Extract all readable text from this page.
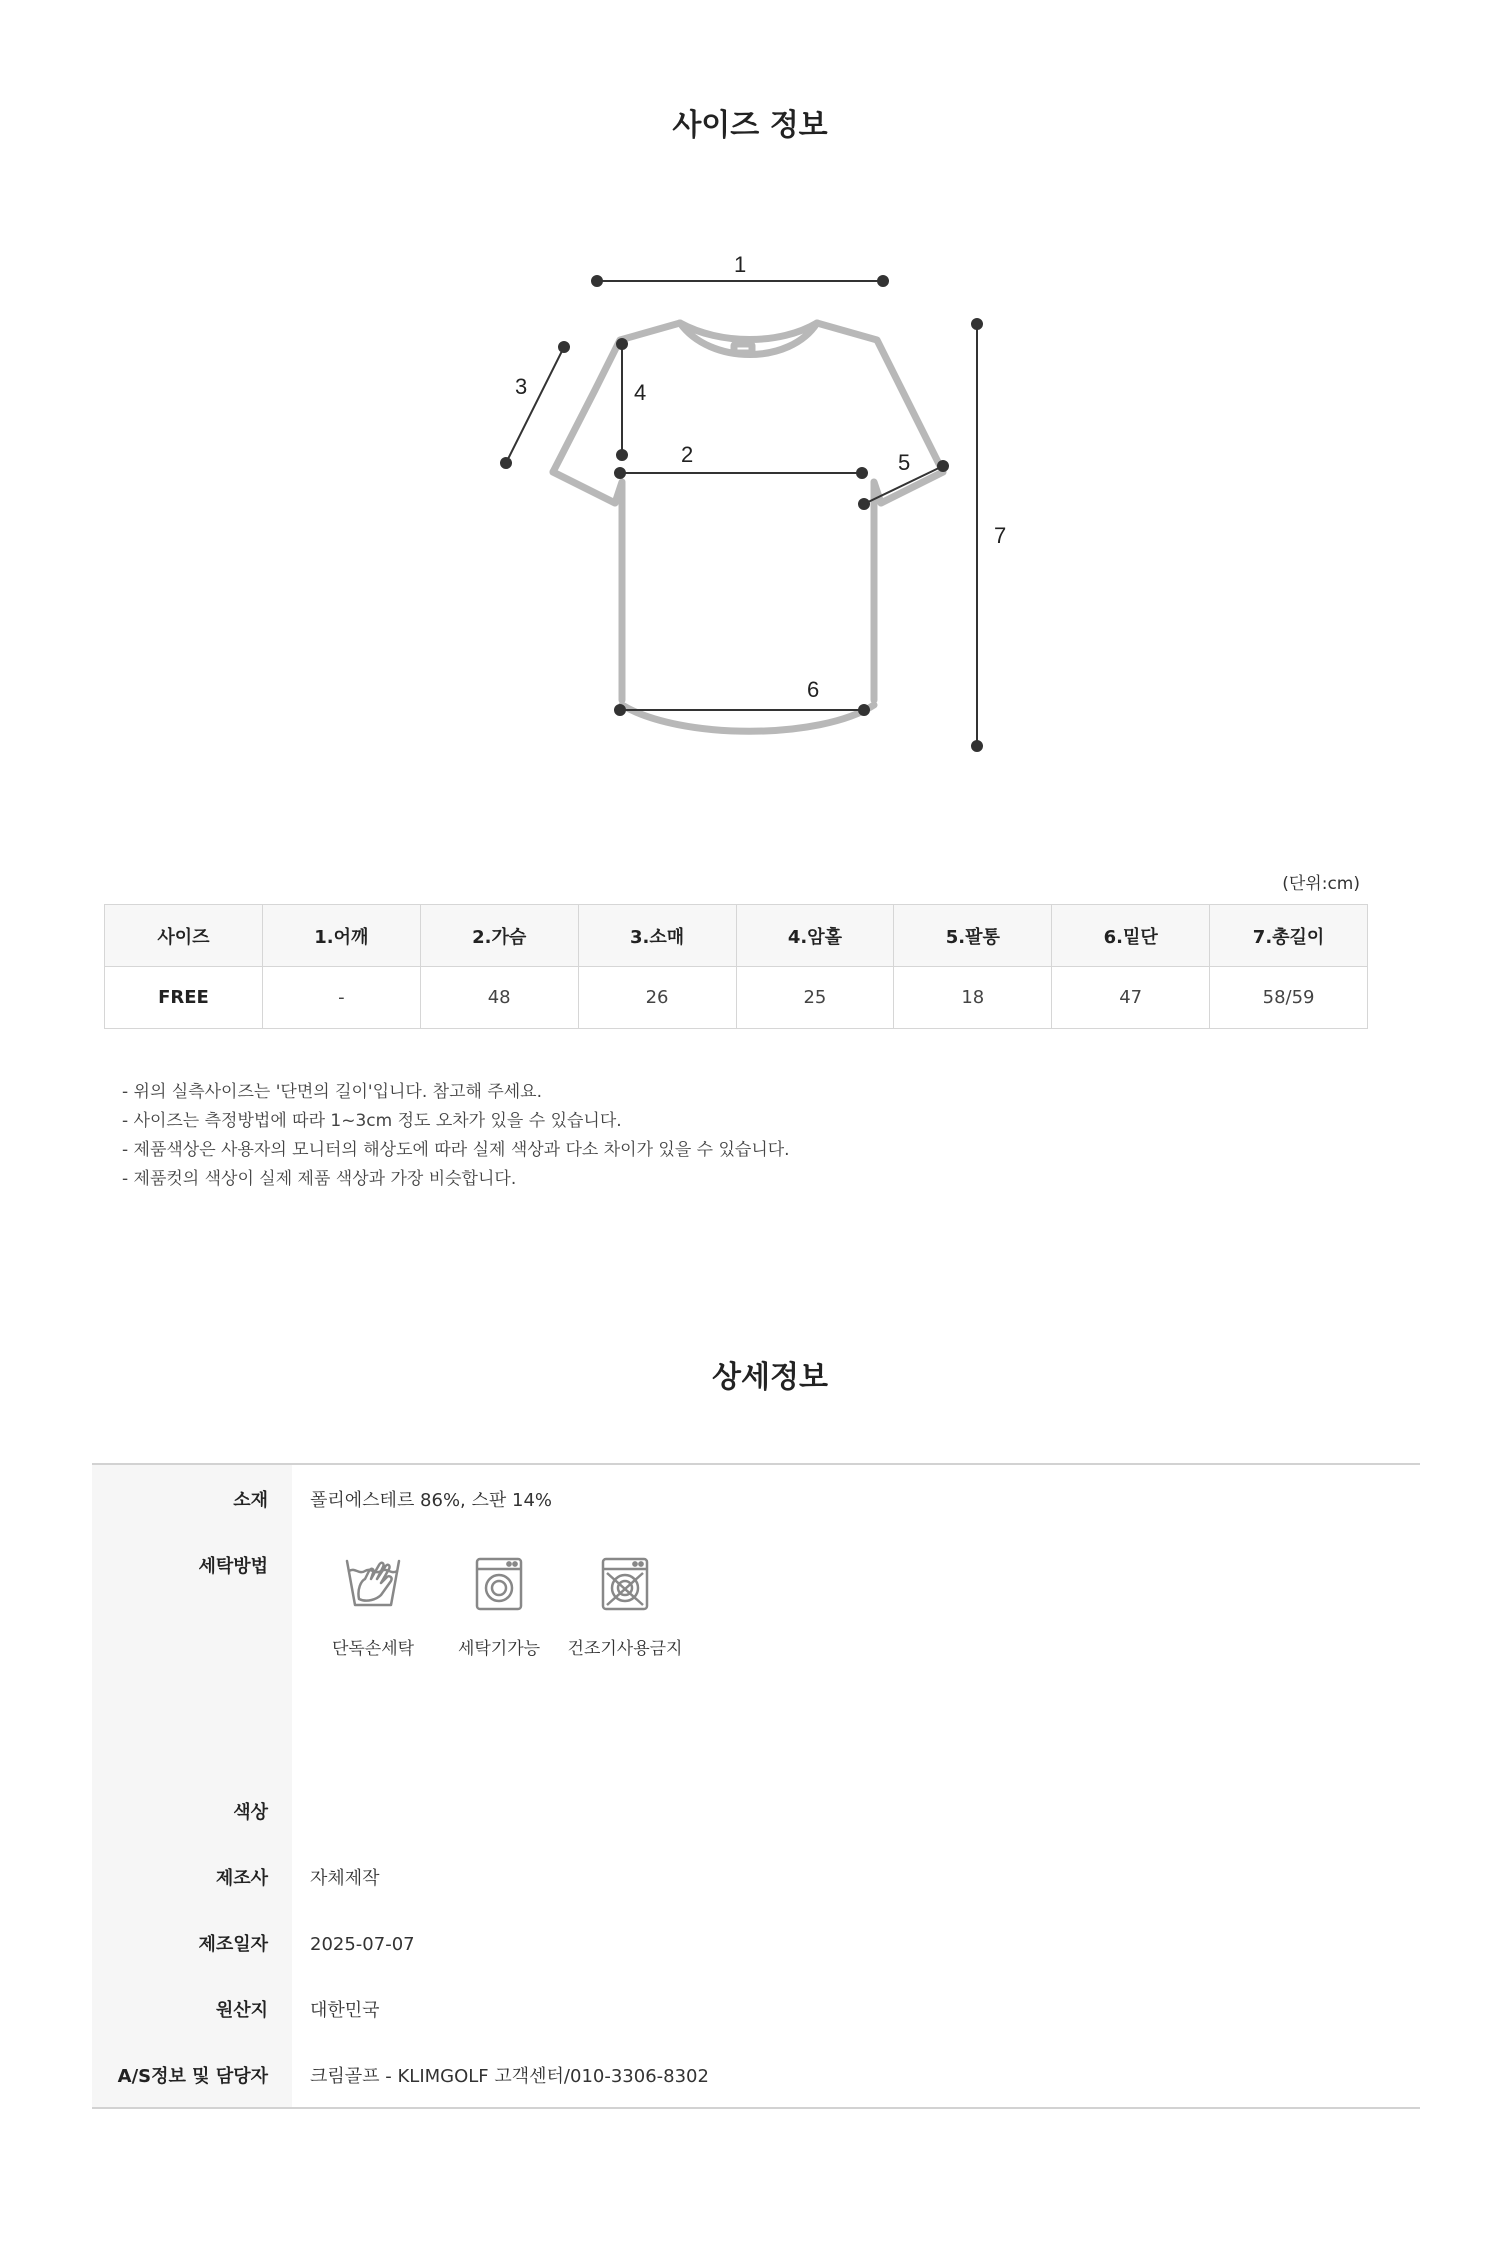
사이즈 정보
1
2
3	4
5
6
7
(단위:cm)
사이즈	1.어깨	2.가슴	3.소매	4.암홀	5.팔통	6.밑단	7.총길이
FREE	-	48	26	25	18	47	58/59
- 위의 실측사이즈는 '단면의 길이'입니다. 참고해 주세요.
- 사이즈는 측정방법에 따라 1~3cm 정도 오차가 있을 수 있습니다.
- 제품색상은 사용자의 모니터의 해상도에 따라 실제 색상과 다소 차이가 있을 수 있습니다.
- 제품컷의 색상이 실제 제품 색상과 가장 비슷합니다.
상세정보
소재	폴리에스테르 86%, 스판 14%
세탁방법	단독손세탁 세탁기가능 건조기사용금지

색상	
제조사	자체제작
제조일자	2025-07-07
원산지	대한민국
A/S정보 및 담당자	크림골프 - KLIMGOLF 고객센터/010-3306-8302
